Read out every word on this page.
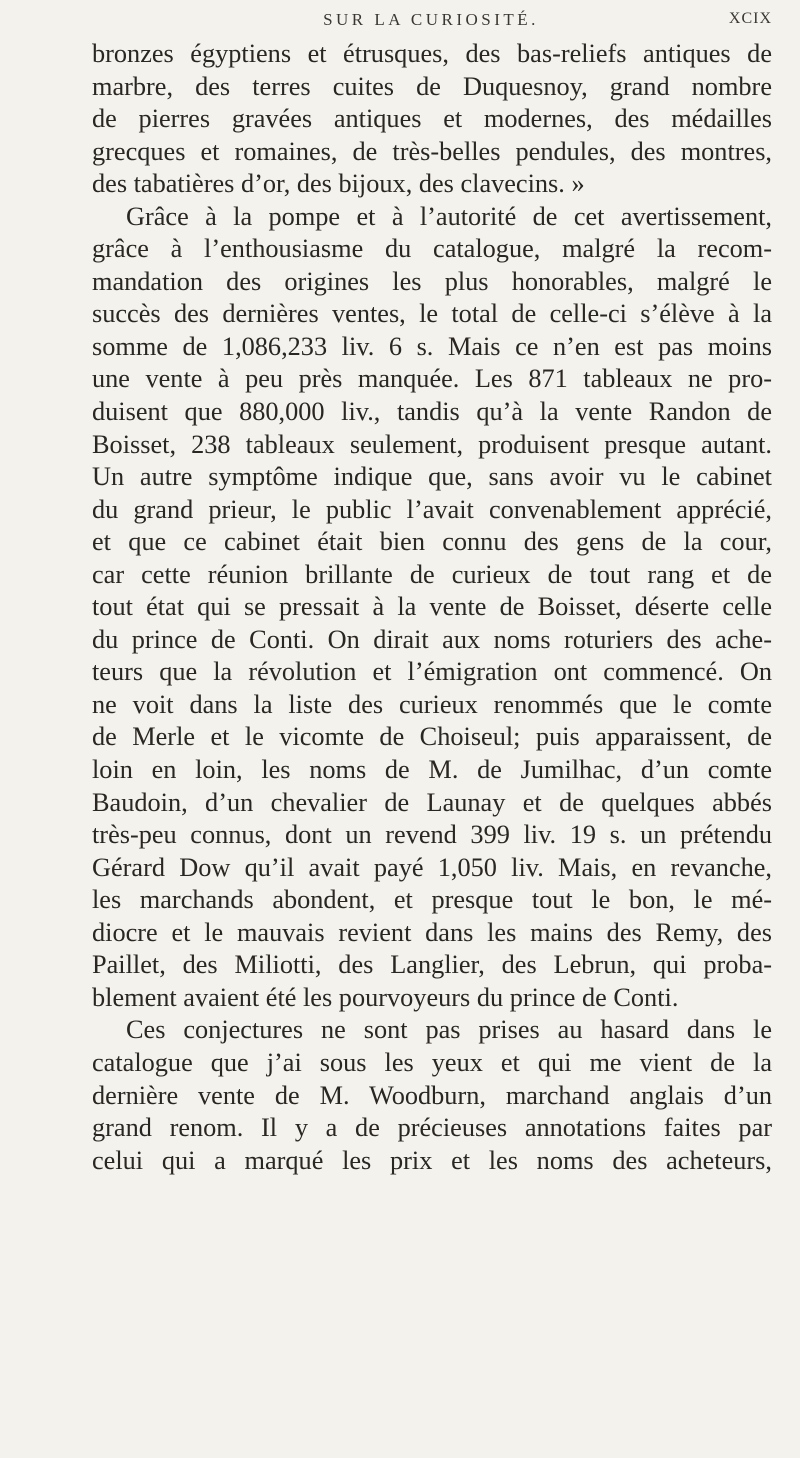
SUR LA CURIOSITÉ.	XCIX
bronzes égyptiens et étrusques, des bas-reliefs antiques de
marbre, des terres cuites de Duquesnoy, grand nombre
de pierres gravées antiques et modernes, des médailles
grecques et romaines, de très-belles pendules, des montres,
des tabatières d’or, des bijoux, des clavecins. »
Grâce à la pompe et à l’autorité de cet avertissement,
grâce à l’enthousiasme du catalogue, malgré la recom-
mandation des origines les plus honorables, malgré le
succès des dernières ventes, le total de celle-ci s’élève à la
somme de 1,086,233 liv. 6 s. Mais ce n’en est pas moins
une vente à peu près manquée. Les 871 tableaux ne pro-
duisent que 880,000 liv., tandis qu’à la vente Randon de
Boisset, 238 tableaux seulement, produisent presque autant.
Un autre symptôme indique que, sans avoir vu le cabinet
du grand prieur, le public l’avait convenablement apprécié,
et que ce cabinet était bien connu des gens de la cour,
car cette réunion brillante de curieux de tout rang et de
tout état qui se pressait à la vente de Boisset, déserte celle
du prince de Conti. On dirait aux noms roturiers des ache-
teurs que la révolution et l’émigration ont commencé. On
ne voit dans la liste des curieux renommés que le comte
de Merle et le vicomte de Choiseul; puis apparaissent, de
loin en loin, les noms de M. de Jumilhac, d’un comte
Baudoin, d’un chevalier de Launay et de quelques abbés
très-peu connus, dont un revend 399 liv. 19 s. un prétendu
Gérard Dow qu’il avait payé 1,050 liv. Mais, en revanche,
les marchands abondent, et presque tout le bon, le mé-
diocre et le mauvais revient dans les mains des Remy, des
Paillet, des Miliotti, des Langlier, des Lebrun, qui proba-
blement avaient été les pourvoyeurs du prince de Conti.
Ces conjectures ne sont pas prises au hasard dans le
catalogue que j’ai sous les yeux et qui me vient de la
dernière vente de M. Woodburn, marchand anglais d’un
grand renom. Il y a de précieuses annotations faites par
celui qui a marqué les prix et les noms des acheteurs,
